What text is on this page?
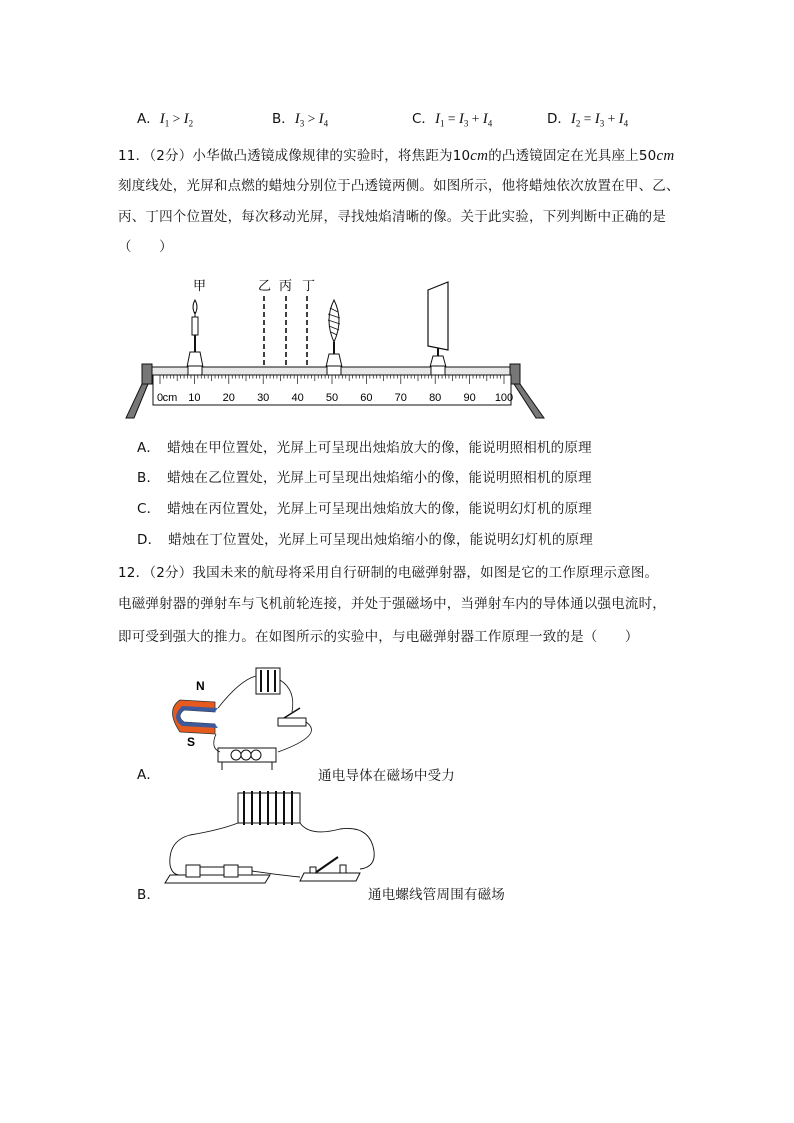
A．$I_1 > I_2$	B．$I_3 > I_4$	C．$I_1 = I_3 + I_4$	D．$I_2 = I_3 + I_4$
11．（2分）小华做凸透镜成像规律的实验时，将焦距为10cm的凸透镜固定在光具座上50cm
刻度线处，光屏和点燃的蜡烛分别位于凸透镜两侧。如图所示，他将蜡烛依次放置在甲、乙、
丙、丁四个位置处，每次移动光屏，寻找烛焰清晰的像。关于此实验，下列判断中正确的是
（　　）
甲	乙 丙 丁
0 cm 10 20 30 40 50 60 70 80 90 100
A．　蜡烛在甲位置处，光屏上可呈现出烛焰放大的像，能说明照相机的原理
B．　蜡烛在乙位置处，光屏上可呈现出烛焰缩小的像，能说明照相机的原理
C．　蜡烛在丙位置处，光屏上可呈现出烛焰放大的像，能说明幻灯机的原理
D．　蜡烛在丁位置处，光屏上可呈现出烛焰缩小的像，能说明幻灯机的原理
12．（2分）我国未来的航母将采用自行研制的电磁弹射器，如图是它的工作原理示意图。
电磁弹射器的弹射车与飞机前轮连接，并处于强磁场中，当弹射车内的导体通以强电流时，
即可受到强大的推力。在如图所示的实验中，与电磁弹射器工作原理一致的是（　　）
N
S
A．	通电导体在磁场中受力
B．	通电螺线管周围有磁场
